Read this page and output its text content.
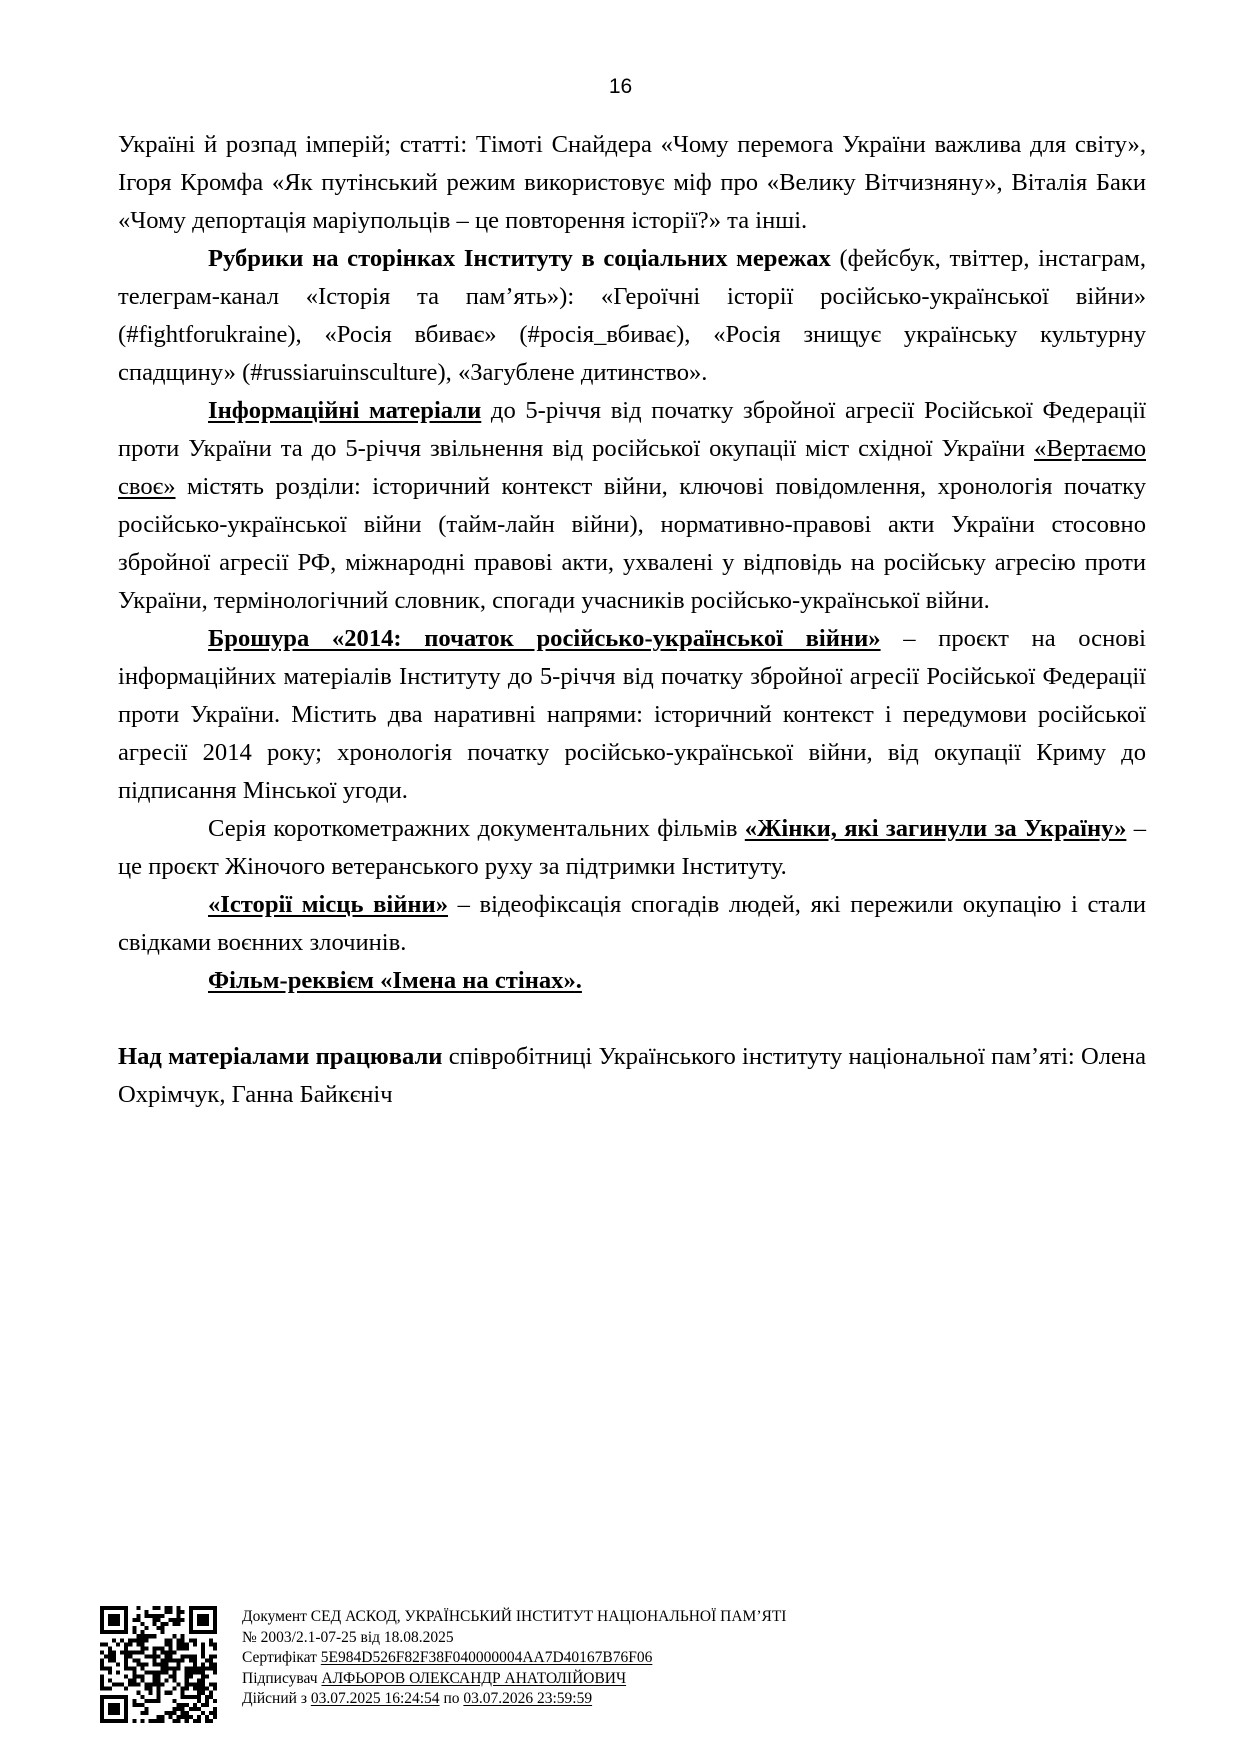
16

Україні й розпад імперій; статті: Тімоті Снайдера «Чому перемога України важлива для світу», Ігоря Кромфа «Як путінський режим використовує міф про «Велику Вітчизняну», Віталія Баки «Чому депортація маріупольців – це повторення історії?» та інші.

Рубрики на сторінках Інституту в соціальних мережах (фейсбук, твіттер, інстаграм, телеграм-канал «Історія та пам’ять»): «Героїчні історії російсько-української війни» (#fightforukraine), «Росія вбиває» (#росія_вбиває), «Росія знищує українську культурну спадщину» (#russiaruinsculture), «Загублене дитинство».

Інформаційні матеріали до 5-річчя від початку збройної агресії Російської Федерації проти України та до 5-річчя звільнення від російської окупації міст східної України «Вертаємо своє» містять розділи: історичний контекст війни, ключові повідомлення, хронологія початку російсько-української війни (тайм-лайн війни), нормативно-правові акти України стосовно збройної агресії РФ, міжнародні правові акти, ухвалені у відповідь на російську агресію проти України, термінологічний словник, спогади учасників російсько-української війни.

Брошура «2014: початок російсько-української війни» – проєкт на основі інформаційних матеріалів Інституту до 5-річчя від початку збройної агресії Російської Федерації проти України. Містить два наративні напрями: історичний контекст і передумови російської агресії 2014 року; хронологія початку російсько-української війни, від окупації Криму до підписання Мінської угоди.

Серія короткометражних документальних фільмів «Жінки, які загинули за Україну» – це проєкт Жіночого ветеранського руху за підтримки Інституту.

«Історії місць війни» – відеофіксація спогадів людей, які пережили окупацію і стали свідками воєнних злочинів.

Фільм-реквієм «Імена на стінах».

Над матеріалами працювали співробітниці Українського інституту національної пам’яті: Олена Охрімчук, Ганна Байкєніч

Документ СЕД АСКОД, УКРАЇНСЬКИЙ ІНСТИТУТ НАЦІОНАЛЬНОЇ ПАМ’ЯТІ
№ 2003/2.1-07-25 від 18.08.2025
Сертифікат 5E984D526F82F38F040000004AA7D40167B76F06
Підписувач АЛФЬОРОВ ОЛЕКСАНДР АНАТОЛІЙОВИЧ
Дійсний з 03.07.2025 16:24:54 по 03.07.2026 23:59:59
